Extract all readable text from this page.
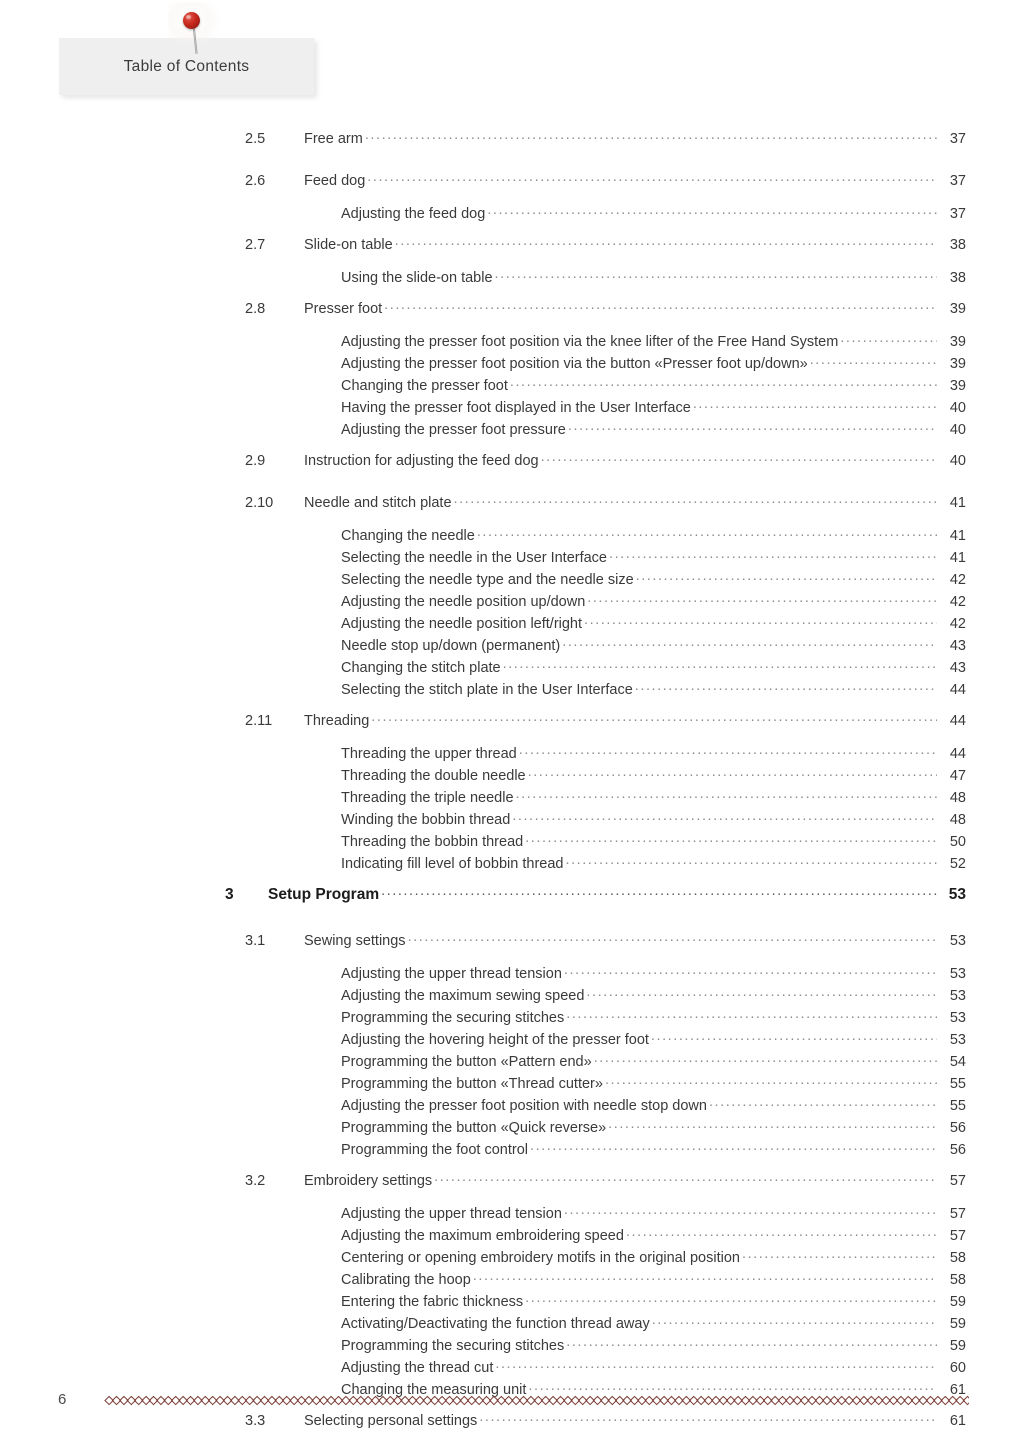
Table of Contents
2.5	Free arm .....	37
2.6	Feed dog .....	37
Adjusting the feed dog .....	37
2.7	Slide-on table .....	38
Using the slide-on table .....	38
2.8	Presser foot .....	39
Adjusting the presser foot position via the knee lifter of the Free Hand System .....	39
Adjusting the presser foot position via the button «Presser foot up/down» .....	39
Changing the presser foot .....	39
Having the presser foot displayed in the User Interface .....	40
Adjusting the presser foot pressure .....	40
2.9	Instruction for adjusting the feed dog .....	40
2.10	Needle and stitch plate .....	41
Changing the needle .....	41
Selecting the needle in the User Interface .....	41
Selecting the needle type and the needle size .....	42
Adjusting the needle position up/down .....	42
Adjusting the needle position left/right .....	42
Needle stop up/down (permanent) .....	43
Changing the stitch plate .....	43
Selecting the stitch plate in the User Interface .....	44
2.11	Threading .....	44
Threading the upper thread .....	44
Threading the double needle .....	47
Threading the triple needle .....	48
Winding the bobbin thread .....	48
Threading the bobbin thread .....	50
Indicating fill level of bobbin thread .....	52
3	Setup Program .....	53
3.1	Sewing settings .....	53
Adjusting the upper thread tension .....	53
Adjusting the maximum sewing speed .....	53
Programming the securing stitches .....	53
Adjusting the hovering height of the presser foot .....	53
Programming the button «Pattern end» .....	54
Programming the button «Thread cutter» .....	55
Adjusting the presser foot position with needle stop down .....	55
Programming the button «Quick reverse» .....	56
Programming the foot control .....	56
3.2	Embroidery settings .....	57
Adjusting the upper thread tension .....	57
Adjusting the maximum embroidering speed .....	57
Centering or opening embroidery motifs in the original position .....	58
Calibrating the hoop .....	58
Entering the fabric thickness .....	59
Activating/Deactivating the function thread away .....	59
Programming the securing stitches .....	59
Adjusting the thread cut .....	60
Changing the measuring unit .....	61
3.3	Selecting personal settings .....	61
6
